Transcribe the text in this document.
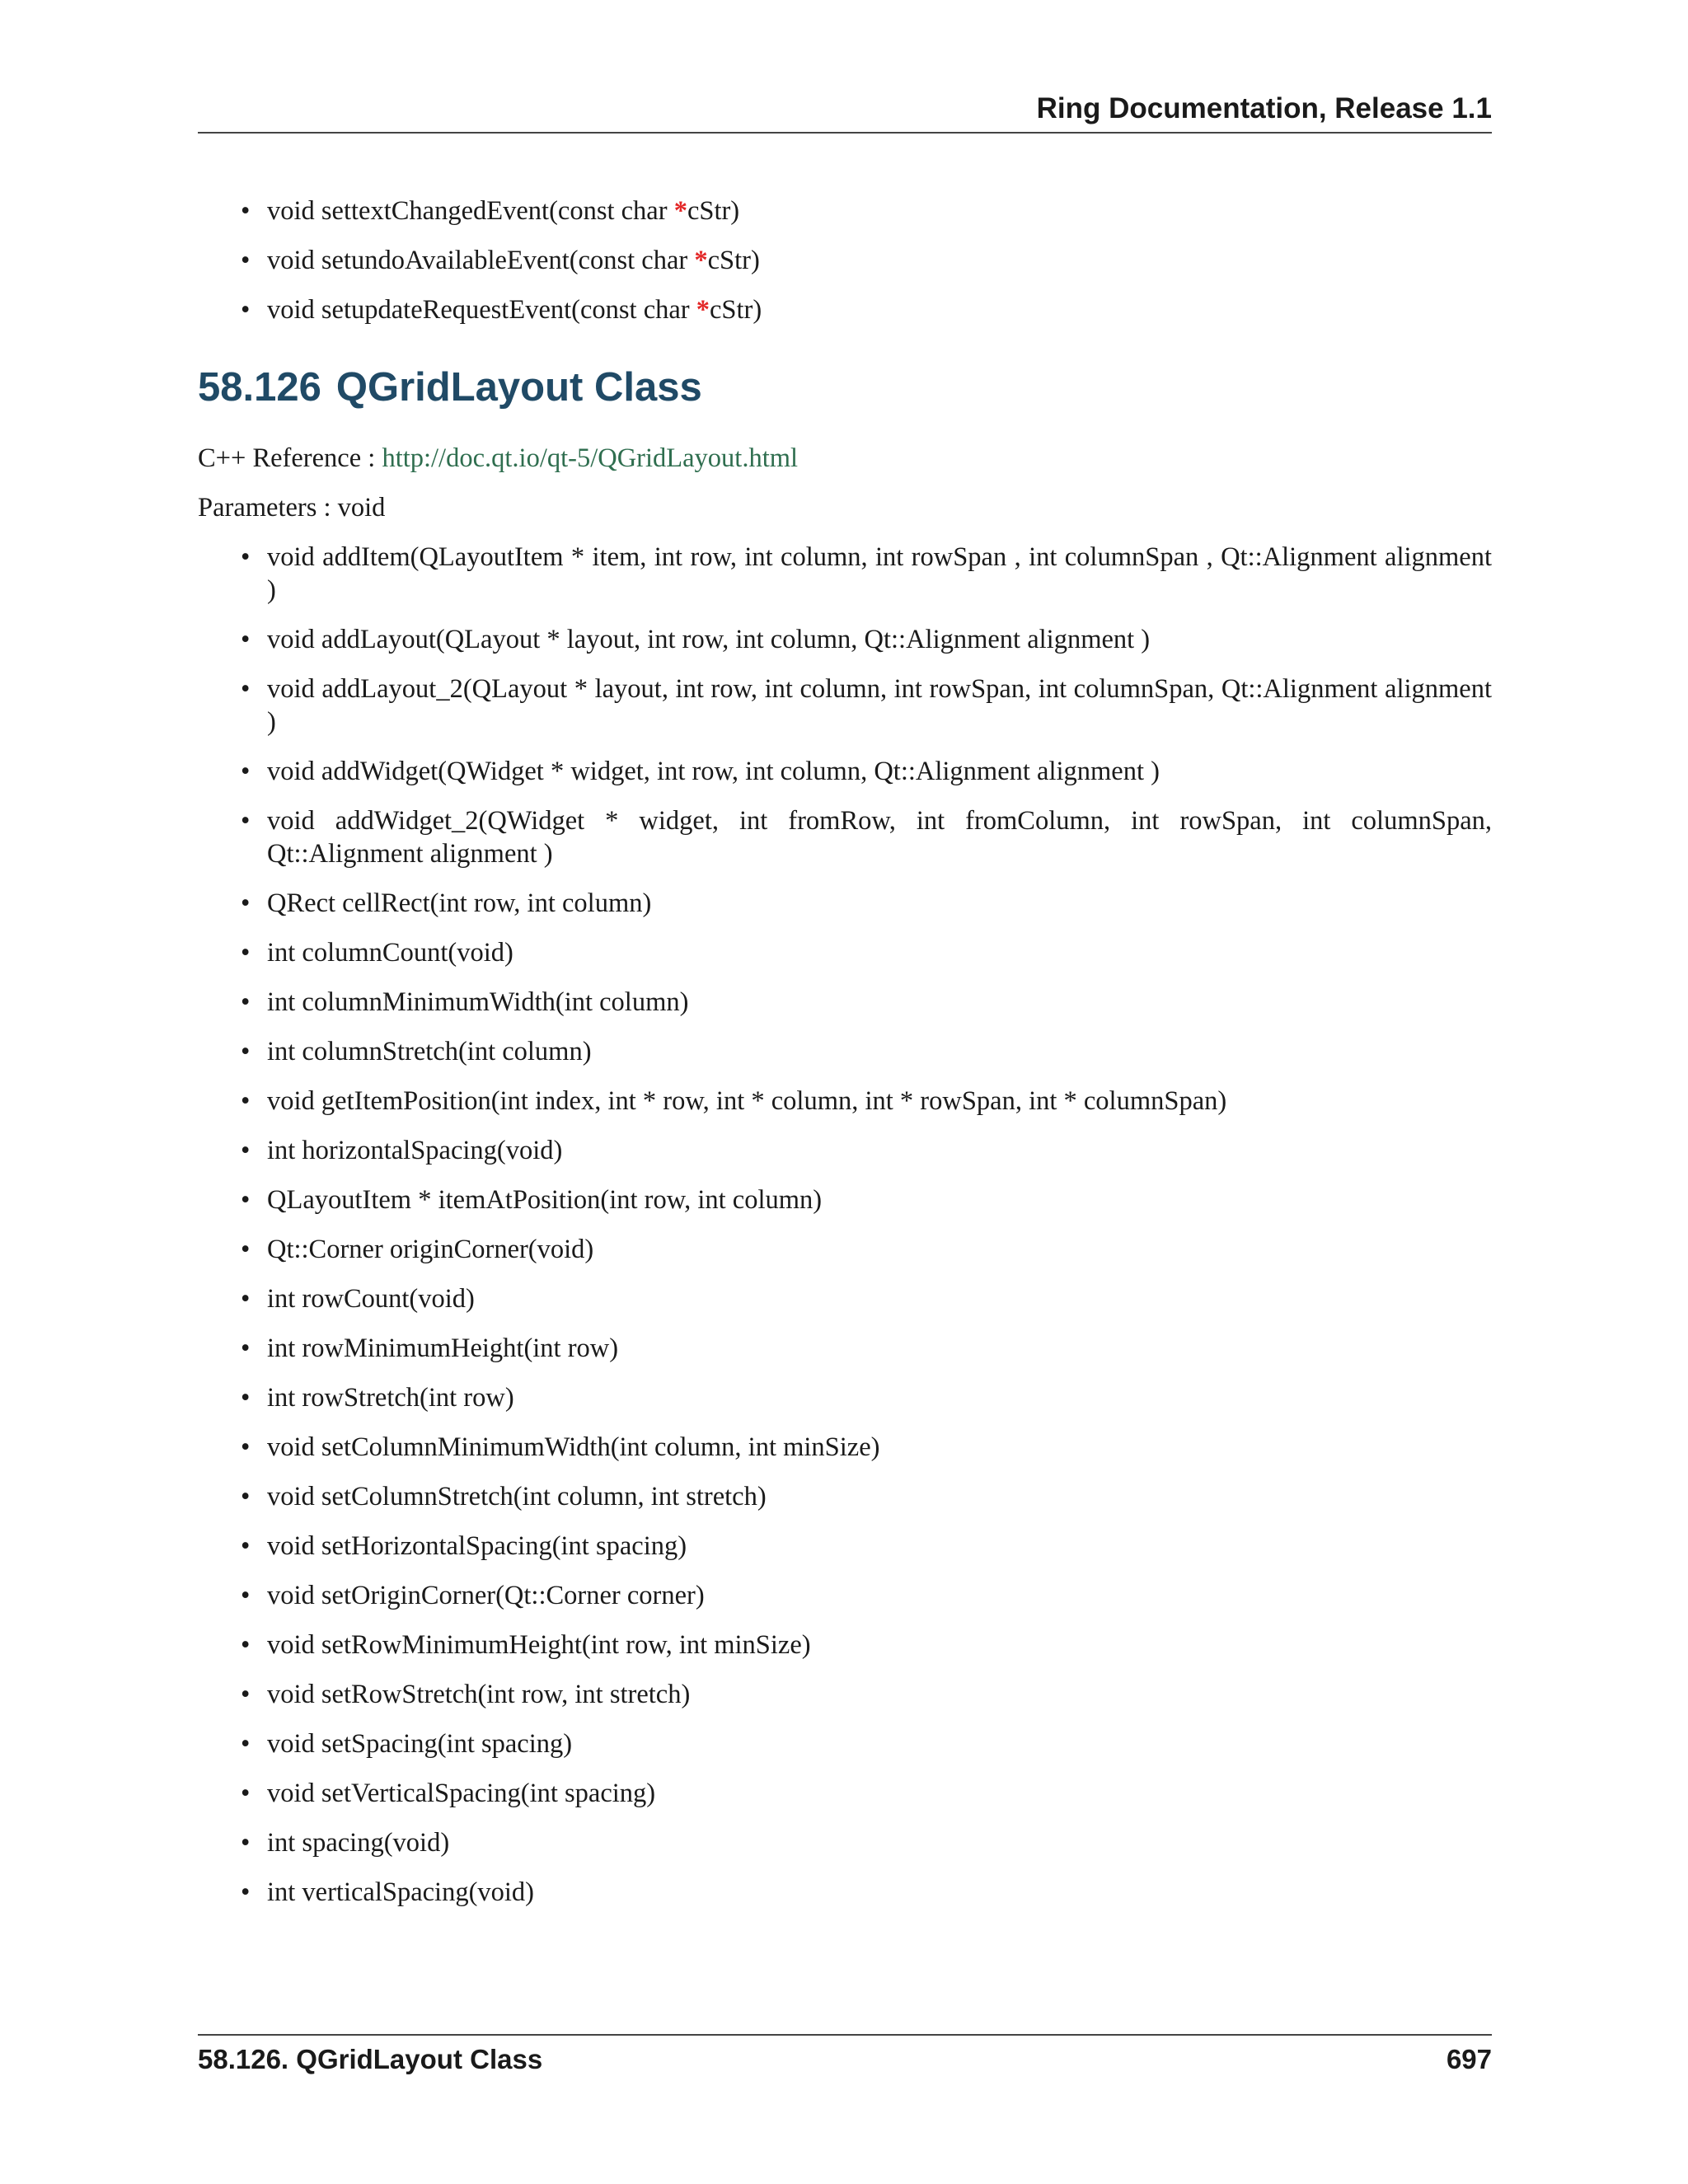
Ring Documentation, Release 1.1
• void settextChangedEvent(const char *cStr)
• void setundoAvailableEvent(const char *cStr)
• void setupdateRequestEvent(const char *cStr)
58.126 QGridLayout Class

C++ Reference : http://doc.qt.io/qt-5/QGridLayout.html

Parameters : void

• void addItem(QLayoutItem * item, int row, int column, int rowSpan , int columnSpan , Qt::Alignment alignment )
• void addLayout(QLayout * layout, int row, int column, Qt::Alignment alignment )
• void addLayout_2(QLayout * layout, int row, int column, int rowSpan, int columnSpan, Qt::Alignment alignment )
• void addWidget(QWidget * widget, int row, int column, Qt::Alignment alignment )
• void addWidget_2(QWidget * widget, int fromRow, int fromColumn, int rowSpan, int columnSpan, Qt::Alignment alignment )
• QRect cellRect(int row, int column)
• int columnCount(void)
• int columnMinimumWidth(int column)
• int columnStretch(int column)
• void getItemPosition(int index, int * row, int * column, int * rowSpan, int * columnSpan)
• int horizontalSpacing(void)
• QLayoutItem * itemAtPosition(int row, int column)
• Qt::Corner originCorner(void)
• int rowCount(void)
• int rowMinimumHeight(int row)
• int rowStretch(int row)
• void setColumnMinimumWidth(int column, int minSize)
• void setColumnStretch(int column, int stretch)
• void setHorizontalSpacing(int spacing)
• void setOriginCorner(Qt::Corner corner)
• void setRowMinimumHeight(int row, int minSize)
• void setRowStretch(int row, int stretch)
• void setSpacing(int spacing)
• void setVerticalSpacing(int spacing)
• int spacing(void)
• int verticalSpacing(void)
58.126. QGridLayout Class	697
